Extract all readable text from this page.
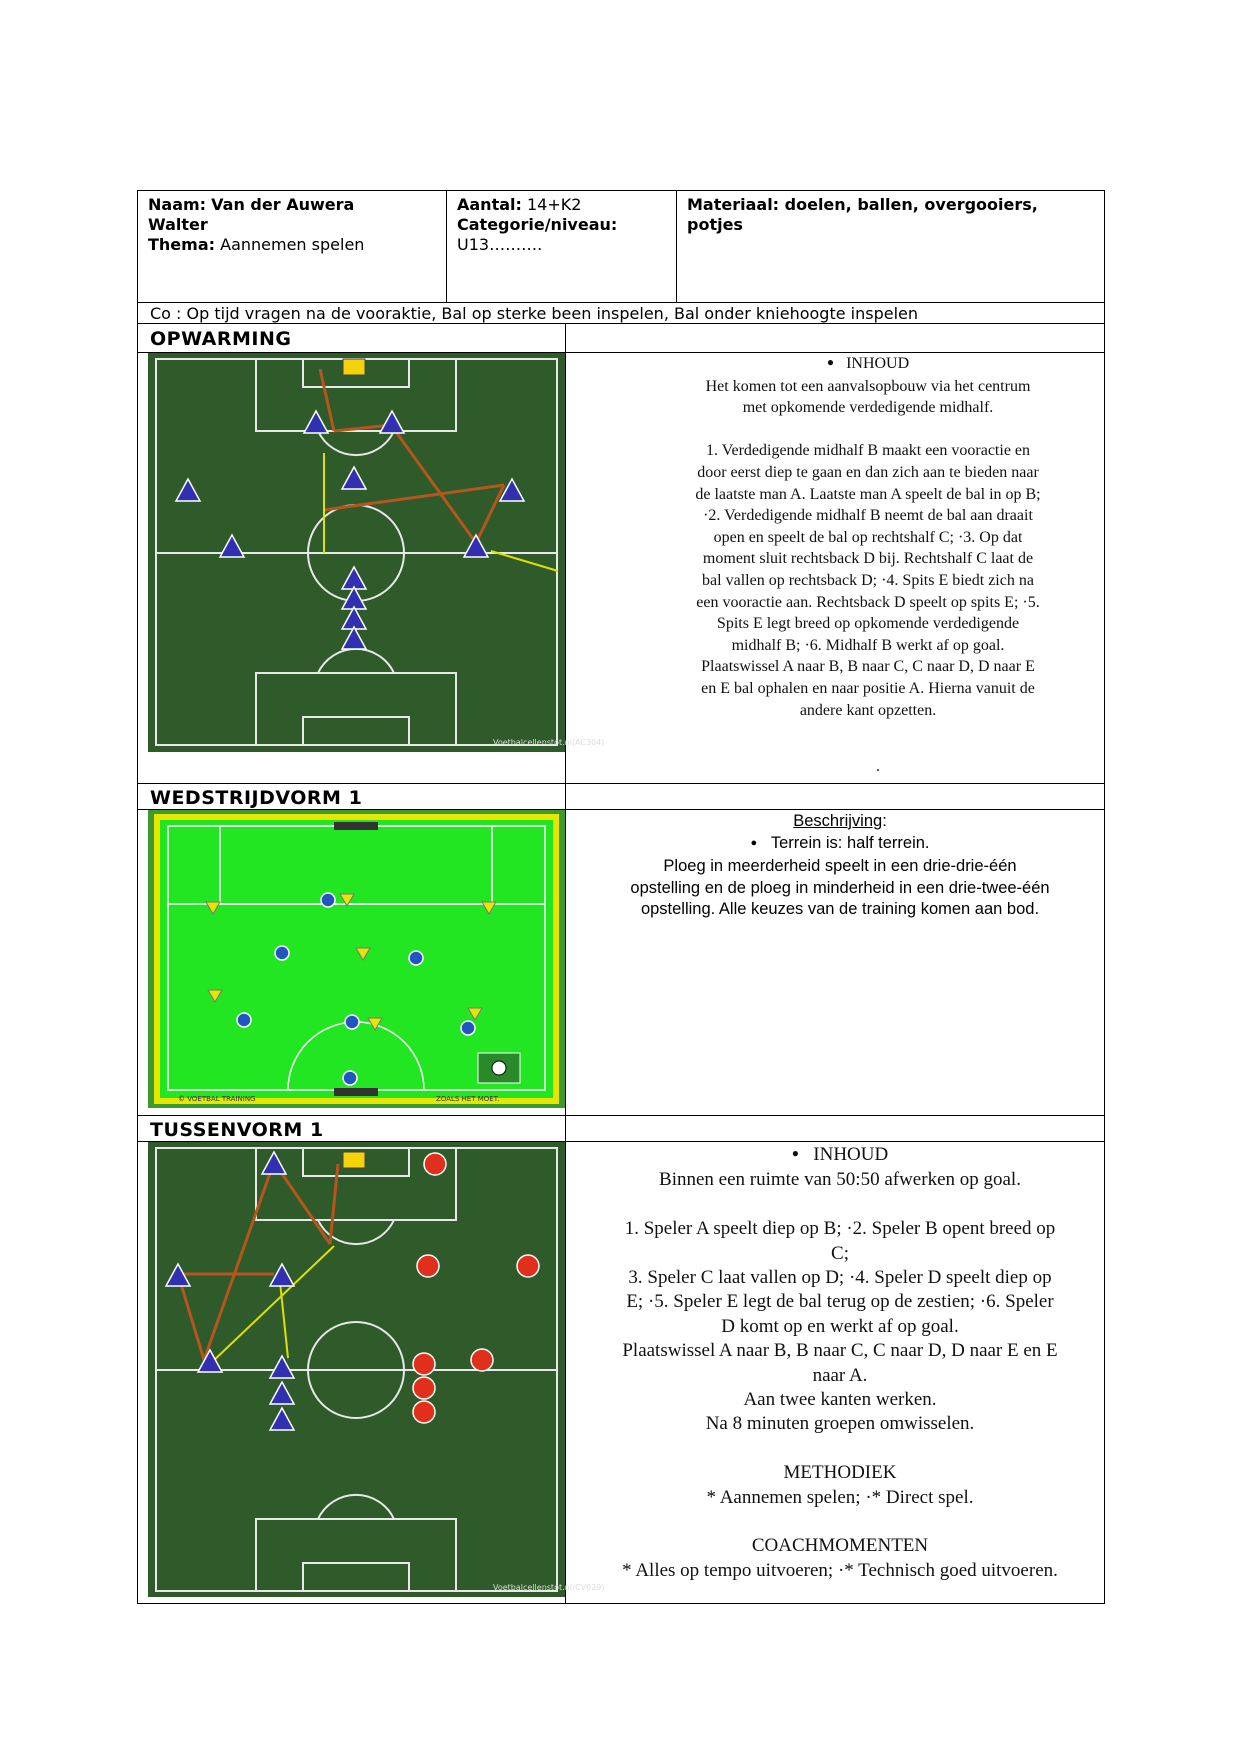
Naam: Van der Auwera
Walter
Thema: Aannemen spelen
Aantal: 14+K2
Categorie/niveau:
U13……….
Materiaal: doelen, ballen, overgooiers,
potjes
Co : Op tijd vragen na de vooraktie, Bal op sterke been inspelen, Bal onder kniehoogte inspelen
OPWARMING
WEDSTRIJDVORM 1
TUSSENVORM 1
Voetbalcellenstot.nl(AC304)
● INHOUD
Het komen tot een aanvalsopbouw via het centrum
met opkomende verdedigende midhalf.
1. Verdedigende midhalf B maakt een vooractie en
door eerst diep te gaan en dan zich aan te bieden naar
de laatste man A. Laatste man A speelt de bal in op B;
·2. Verdedigende midhalf B neemt de bal aan draait
open en speelt de bal op rechtshalf C; ·3. Op dat
moment sluit rechtsback D bij. Rechtshalf C laat de
bal vallen op rechtsback D; ·4. Spits E biedt zich na
een vooractie aan. Rechtsback D speelt op spits E; ·5.
Spits E legt breed op opkomende verdedigende
midhalf B; ·6. Midhalf B werkt af op goal.
Plaatswissel A naar B, B naar C, C naar D, D naar E
en E bal ophalen en naar positie A. Hierna vanuit de
andere kant opzetten.
.
© VOETBAL TRAINING	ZOALS HET MOET.
Beschrijving:
● Terrein is: half terrein.
Ploeg in meerderheid speelt in een drie-drie-één
opstelling en de ploeg in minderheid in een drie-twee-één
opstelling. Alle keuzes van de training komen aan bod.
Voetbalcellenstot.nl(CV029)
● INHOUD
Binnen een ruimte van 50:50 afwerken op goal.
1. Speler A speelt diep op B; ·2. Speler B opent breed op
C;
3. Speler C laat vallen op D; ·4. Speler D speelt diep op
E; ·5. Speler E legt de bal terug op de zestien; ·6. Speler
D komt op en werkt af op goal.
Plaatswissel A naar B, B naar C, C naar D, D naar E en E
naar A.
Aan twee kanten werken.
Na 8 minuten groepen omwisselen.
METHODIEK
* Aannemen spelen; ·* Direct spel.
COACHMOMENTEN
* Alles op tempo uitvoeren; ·* Technisch goed uitvoeren.
